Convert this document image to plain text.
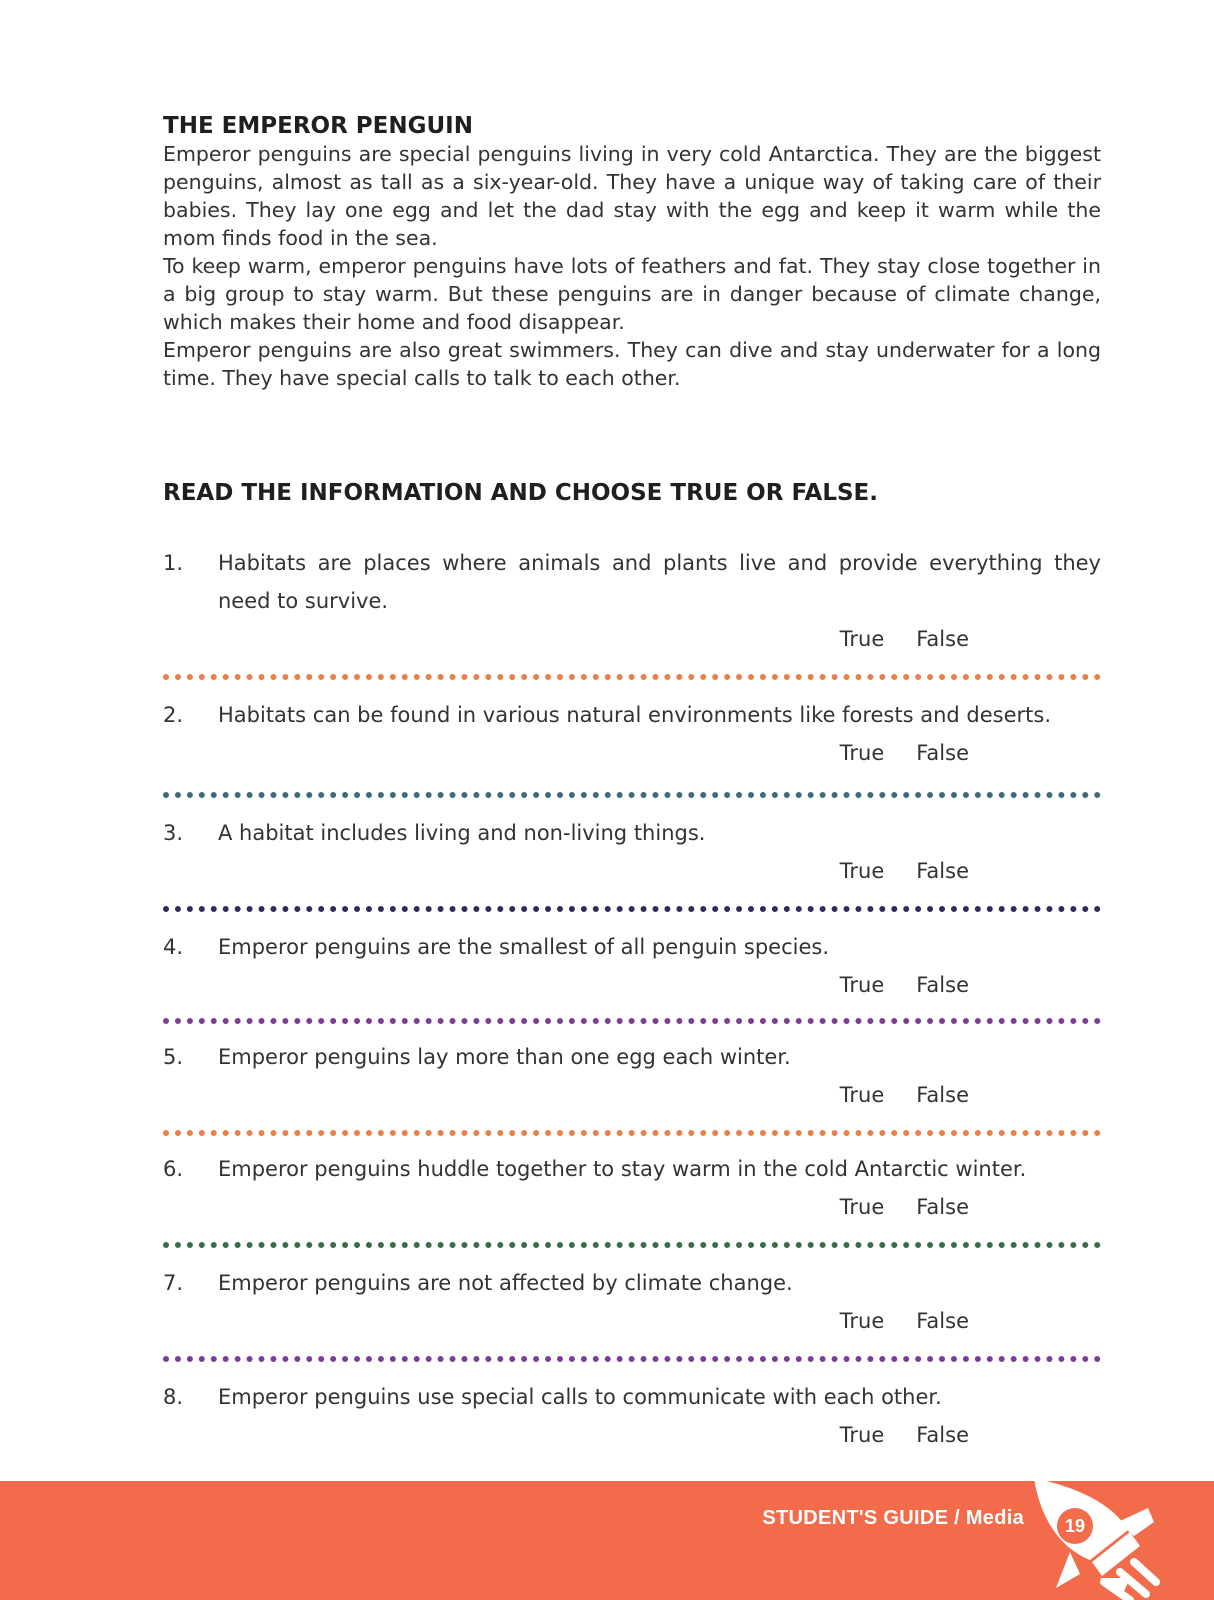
THE EMPEROR PENGUIN

Emperor penguins are special penguins living in very cold Antarctica. They are the biggest penguins, almost as tall as a six-year-old. They have a unique way of taking care of their babies. They lay one egg and let the dad stay with the egg and keep it warm while the mom finds food in the sea.

To keep warm, emperor penguins have lots of feathers and fat. They stay close together in a big group to stay warm. But these penguins are in danger because of climate change, which makes their home and food disappear.

Emperor penguins are also great swimmers. They can dive and stay underwater for a long time. They have special calls to talk to each other.

READ THE INFORMATION AND CHOOSE TRUE OR FALSE.
1.	Habitats are places where animals and plants live and provide everything they need to survive.
True False
2.	Habitats can be found in various natural environments like forests and deserts.
True False
3.	A habitat includes living and non-living things.
True False
4.	Emperor penguins are the smallest of all penguin species.
True False
5.	Emperor penguins lay more than one egg each winter.
True False
6.	Emperor penguins huddle together to stay warm in the cold Antarctic winter.
True False
7.	Emperor penguins are not affected by climate change.
True False
8.	Emperor penguins use special calls to communicate with each other.
True False
STUDENT'S GUIDE / Media	19
